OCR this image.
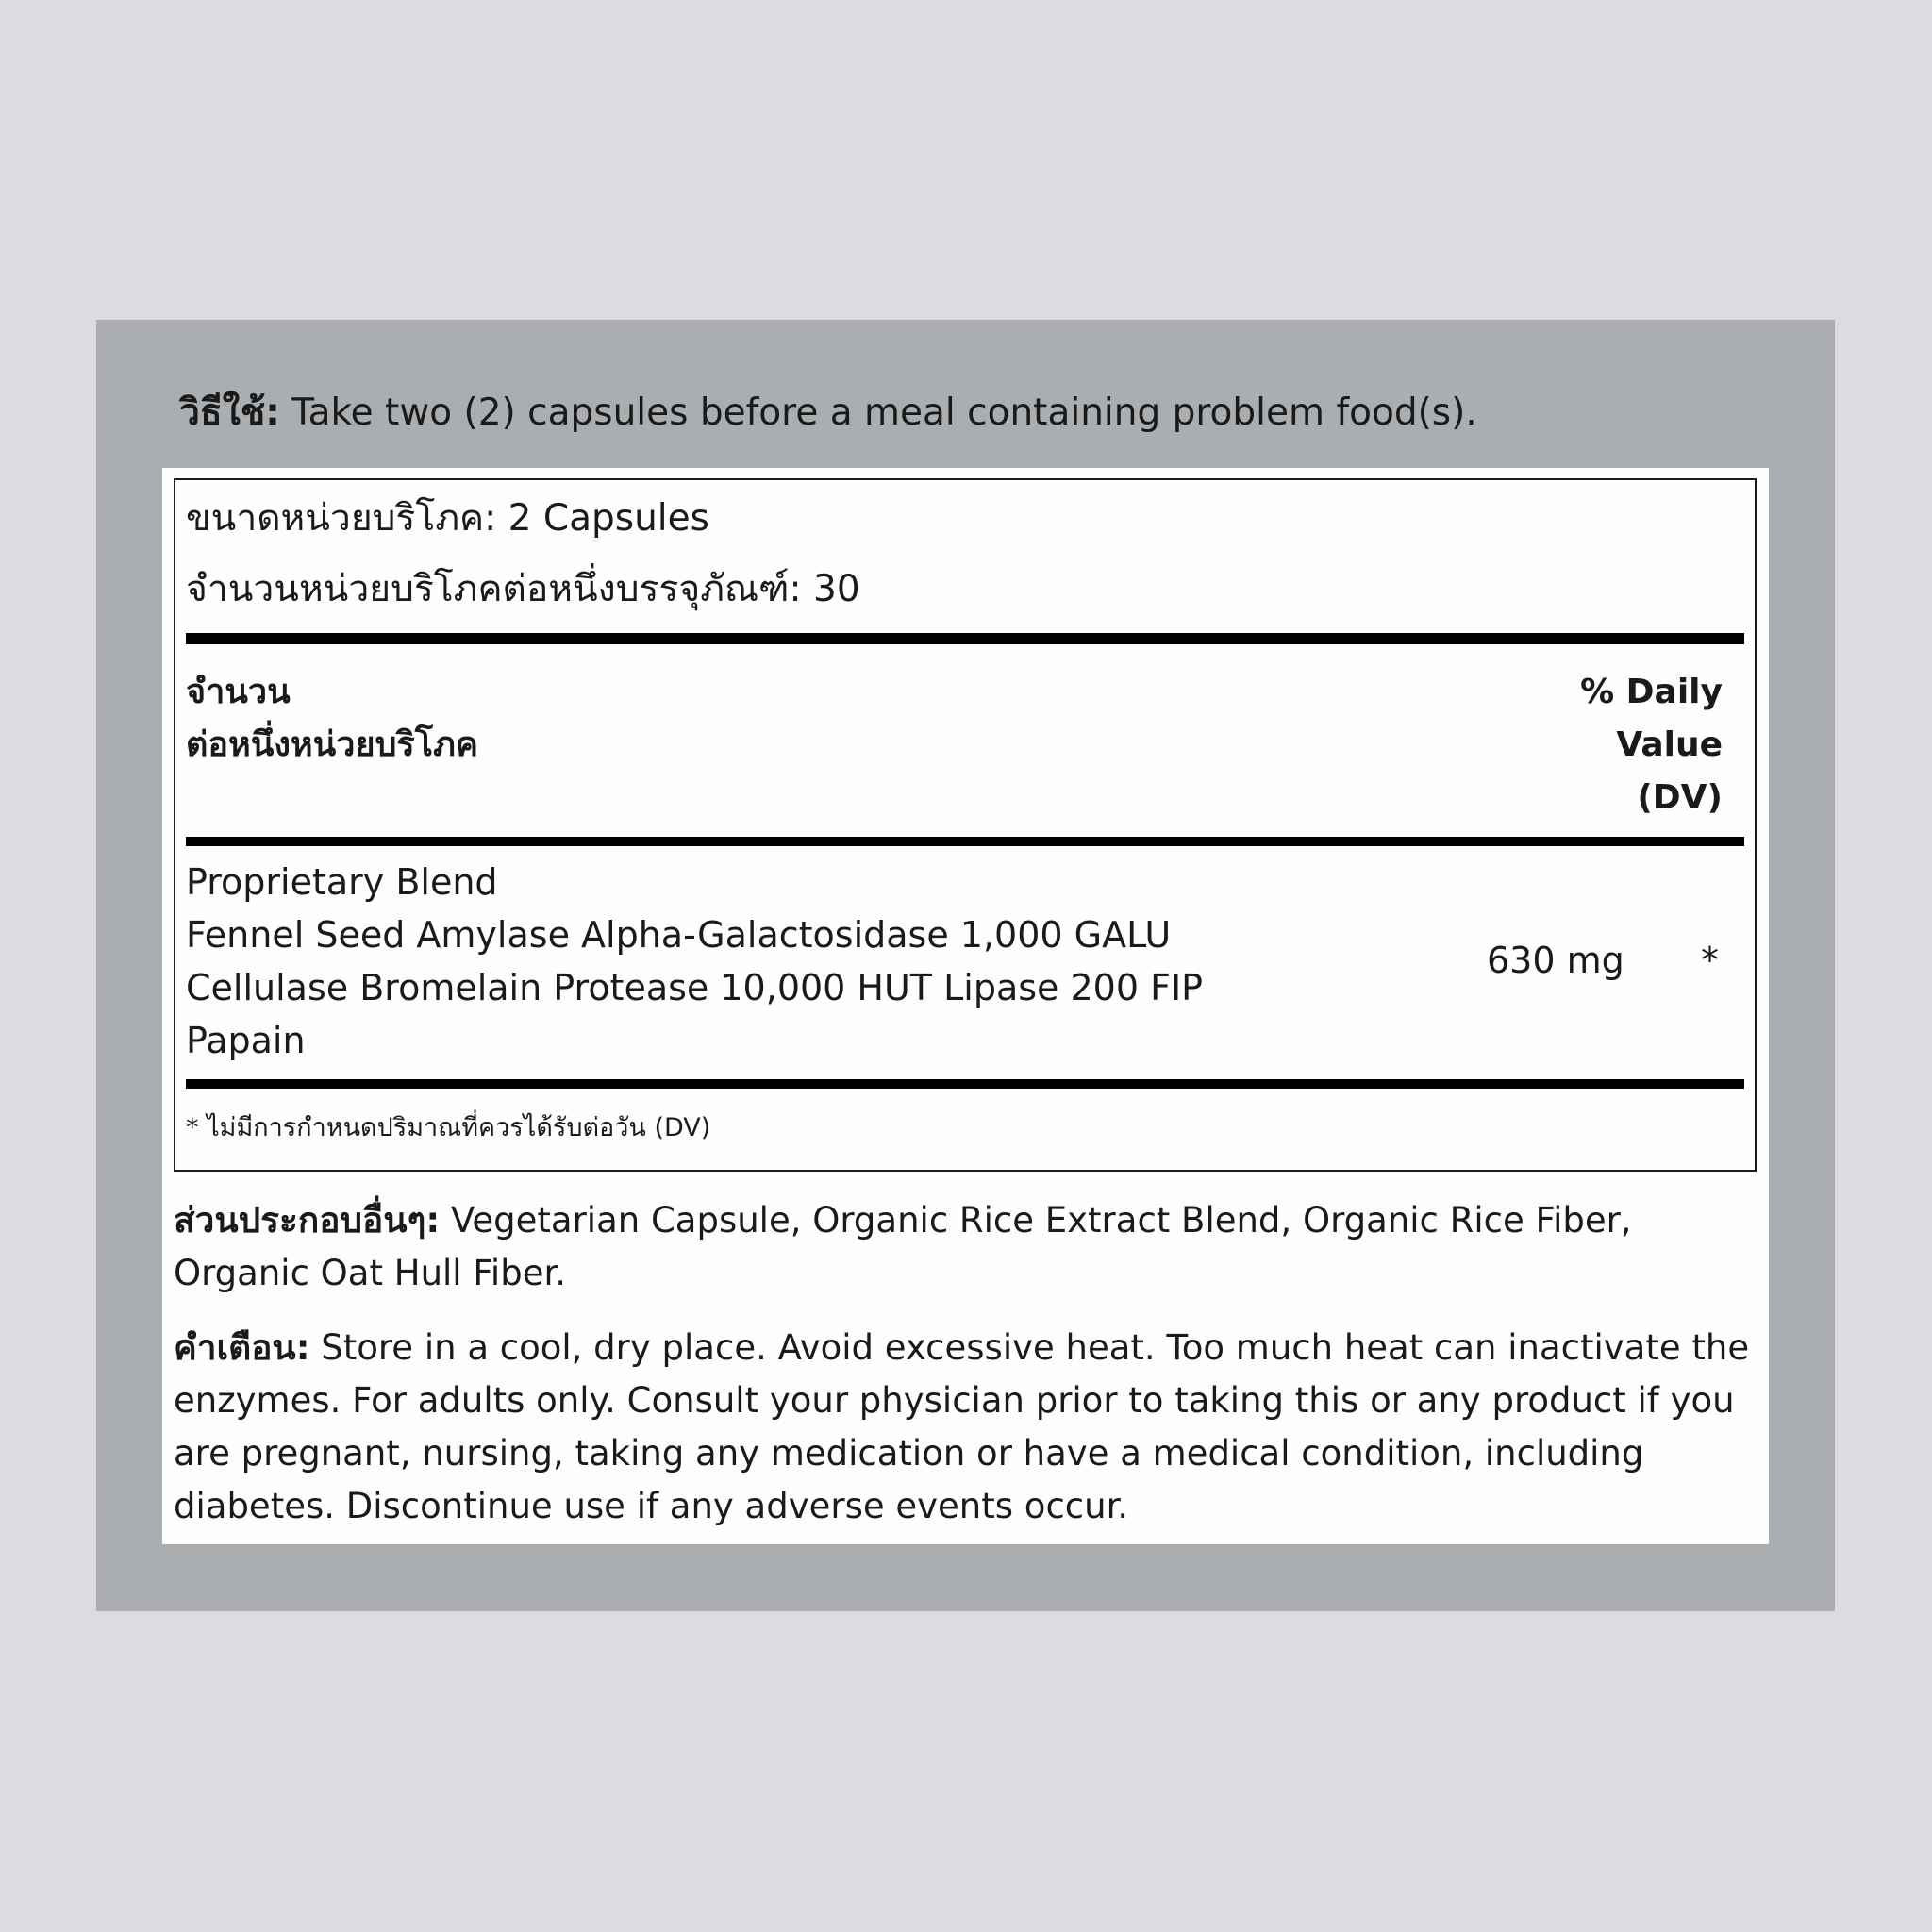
วิธีใช้: Take two (2) capsules before a meal containing problem food(s).
ขนาดหน่วยบริโภค: 2 Capsules
จำนวนหน่วยบริโภคต่อหนึ่งบรรจุภัณฑ์: 30
จำนวน
ต่อหนึ่งหน่วยบริโภค
% Daily
Value
(DV)
Proprietary Blend
Fennel Seed Amylase Alpha-Galactosidase 1,000 GALU
Cellulase Bromelain Protease 10,000 HUT Lipase 200 FIP
Papain
630 mg *
* ไม่มีการกำหนดปริมาณที่ควรได้รับต่อวัน (DV)
ส่วนประกอบอื่นๆ: Vegetarian Capsule, Organic Rice Extract Blend, Organic Rice Fiber, Organic Oat Hull Fiber.
คำเตือน: Store in a cool, dry place. Avoid excessive heat. Too much heat can inactivate the enzymes. For adults only. Consult your physician prior to taking this or any product if you are pregnant, nursing, taking any medication or have a medical condition, including diabetes. Discontinue use if any adverse events occur.
